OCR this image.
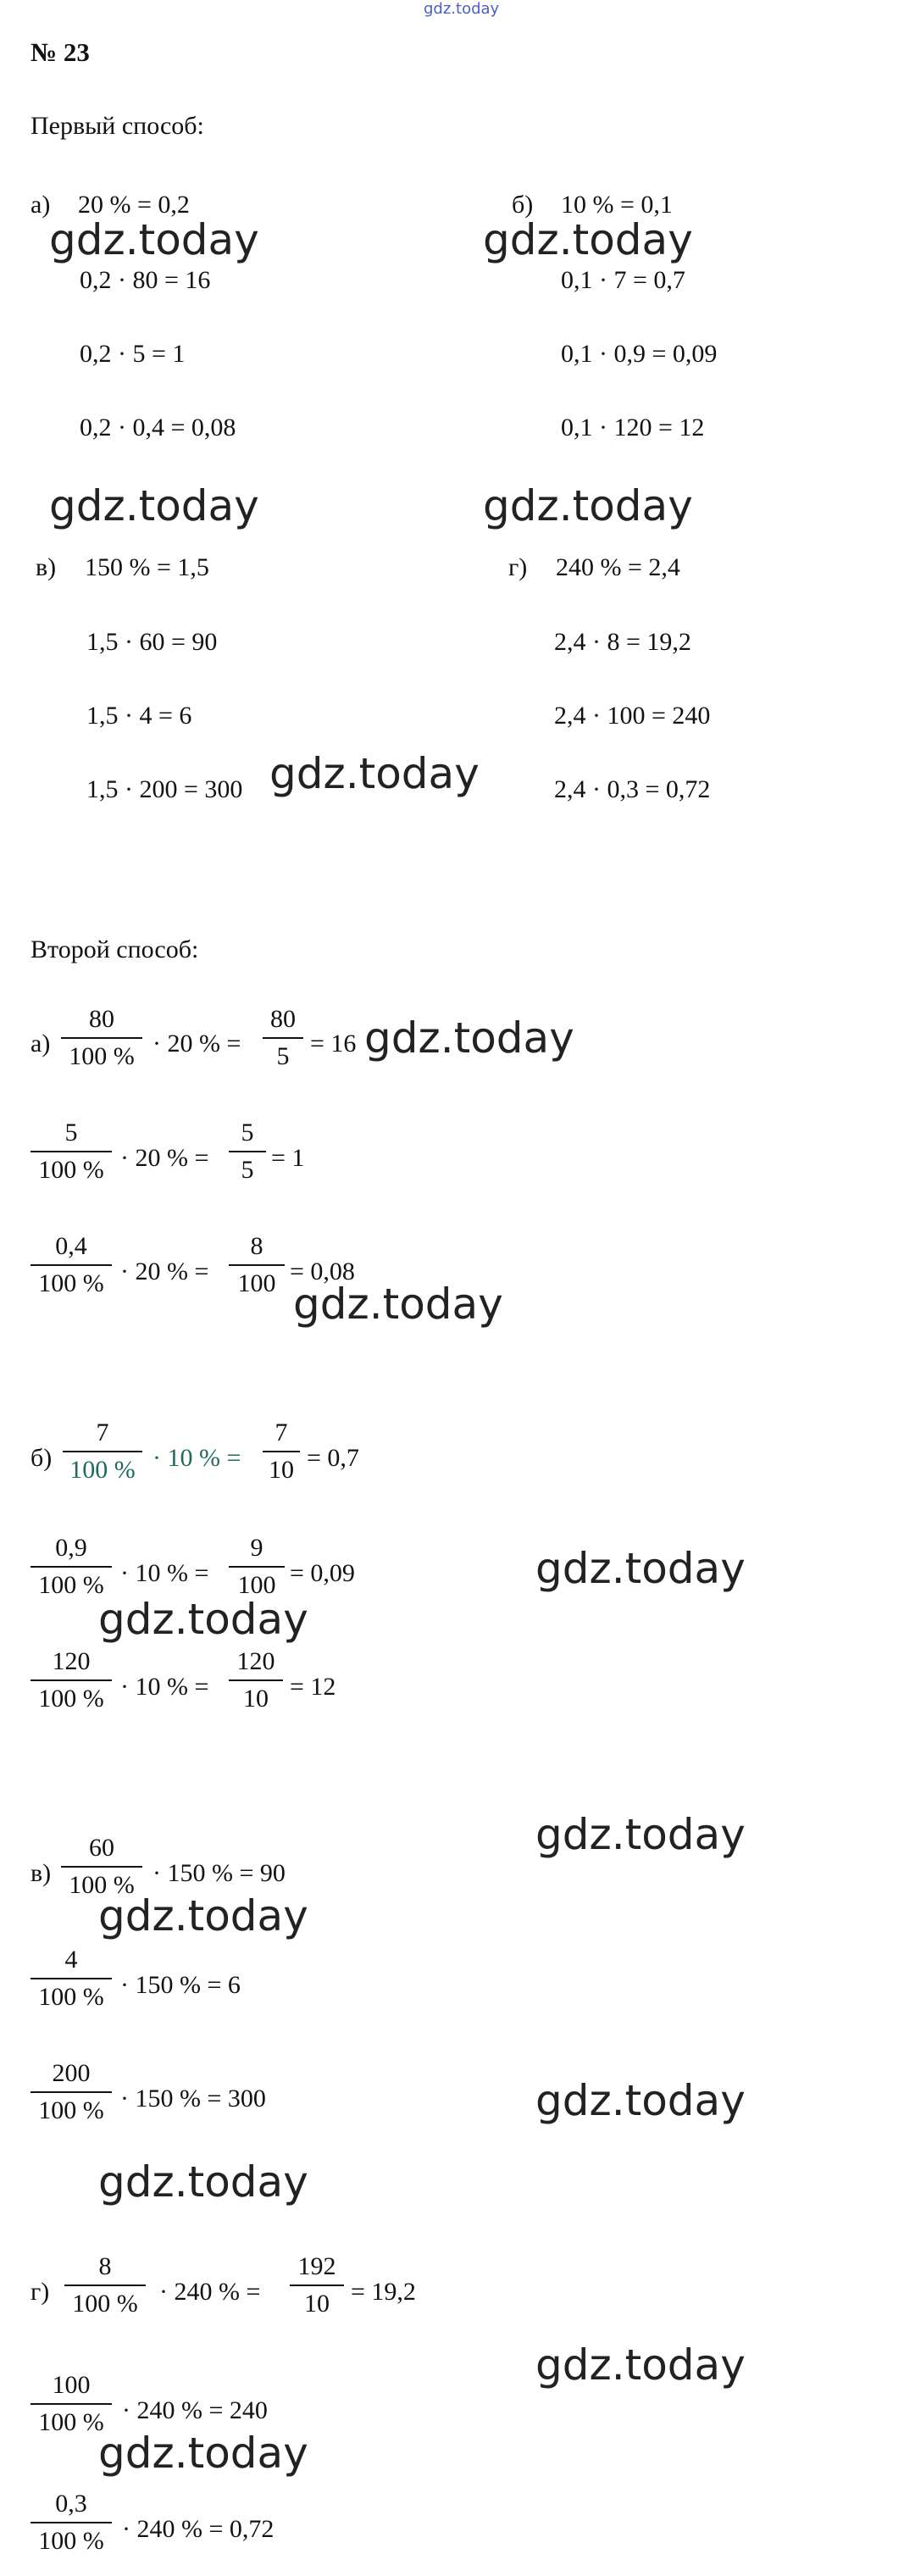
gdz.today
№ 23
Первый способ:
а) 20 % = 0,2
0,2 · 80 = 16
0,2 · 5 = 1
0,2 · 0,4 = 0,08
б) 10 % = 0,1
0,1 · 7 = 0,7
0,1 · 0,9 = 0,09
0,1 · 120 = 12
в) 150 % = 1,5
1,5 · 60 = 90
1,5 · 4 = 6
1,5 · 200 = 300
г) 240 % = 2,4
2,4 · 8 = 19,2
2,4 · 100 = 240
2,4 · 0,3 = 0,72
Второй способ:
$а) \frac{80}{100 \%} \cdot 20$ % = $\frac{80}{5} = 16$
$\frac{5}{100 \%} \cdot 20$ % = $\frac{5}{5} = 1$
$\frac{0,4}{100 \%} \cdot 20$ % = $\frac{8}{100} = 0,08$
$б) \frac{7}{100 \%} \cdot 10$ % = $\frac{7}{10} = 0,7$
$\frac{0,9}{100 \%} \cdot 10$ % = $\frac{9}{100} = 0,09$
$\frac{120}{100 \%} \cdot 10$ % = $\frac{120}{10} = 12$
$в) \frac{60}{100 \%} \cdot 150$ % = 90
$\frac{4}{100 \%} \cdot 150$ % = 6
$\frac{200}{100 \%} \cdot 150$ % = 300
$г) \frac{8}{100 \%} \cdot 240$ % = $\frac{192}{10} = 19,2$
$\frac{100}{100 \%} \cdot 240$ % = 240
$\frac{0,3}{100 \%} \cdot 240$ % = 0,72
gdz.today	gdz.today
gdz.today	gdz.today
gdz.today
gdz.today
gdz.today
gdz.today
gdz.today
gdz.today
gdz.today
gdz.today
gdz.today
gdz.today
gdz.today
